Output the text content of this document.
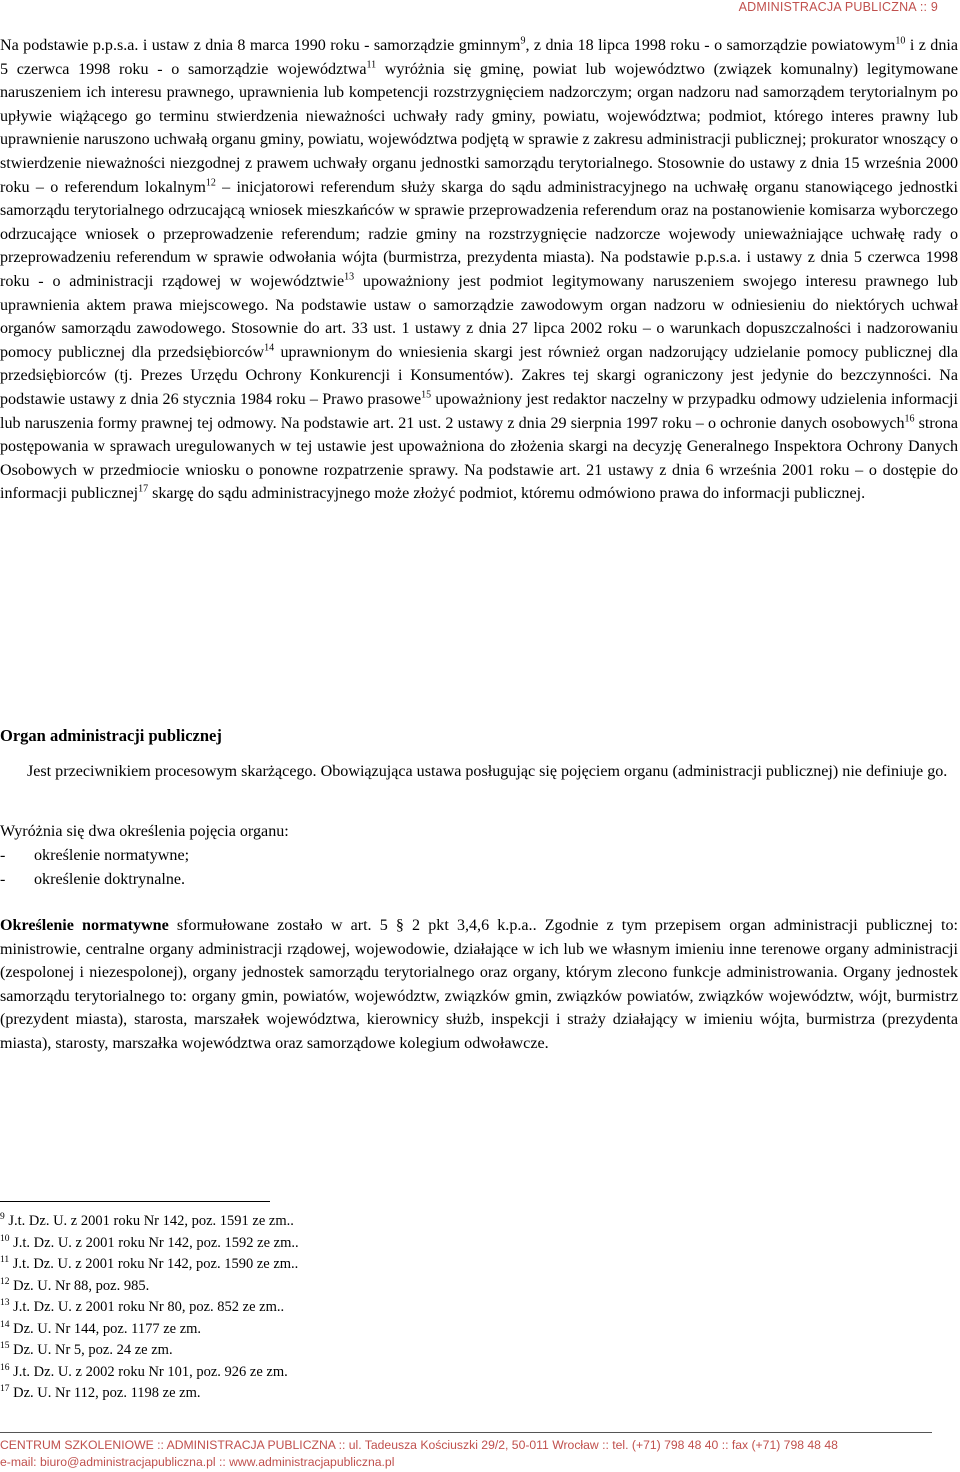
ADMINISTRACJA PUBLICZNA :: 9

Na podstawie p.p.s.a. i ustaw z dnia 8 marca 1990 roku - samorządzie gminnym$^9$, z dnia 18 lipca 1998 roku - o samorządzie powiatowym$^{10}$ i z dnia 5 czerwca 1998 roku - o samorządzie województwa$^{11}$ wyróżnia się gminę, powiat lub województwo (związek komunalny) legitymowane naruszeniem ich interesu prawnego, uprawnienia lub kompetencji rozstrzygnięciem nadzorczym; organ nadzoru nad samorządem terytorialnym po upływie wiążącego go terminu stwierdzenia nieważności uchwały rady gminy, powiatu, województwa; podmiot, którego interes prawny lub uprawnienie naruszono uchwałą organu gminy, powiatu, województwa podjętą w sprawie z zakresu administracji publicznej; prokurator wnoszący o stwierdzenie nieważności niezgodnej z prawem uchwały organu jednostki samorządu terytorialnego. Stosownie do ustawy z dnia 15 września 2000 roku – o referendum lokalnym$^{12}$ – inicjatorowi referendum służy skarga do sądu administracyjnego na uchwałę organu stanowiącego jednostki samorządu terytorialnego odrzucającą wniosek mieszkańców w sprawie przeprowadzenia referendum oraz na postanowienie komisarza wyborczego odrzucające wniosek o przeprowadzenie referendum; radzie gminy na rozstrzygnięcie nadzorcze wojewody unieważniające uchwałę rady o przeprowadzeniu referendum w sprawie odwołania wójta (burmistrza, prezydenta miasta). Na podstawie p.p.s.a. i ustawy z dnia 5 czerwca 1998 roku - o administracji rządowej w województwie$^{13}$ upoważniony jest podmiot legitymowany naruszeniem swojego interesu prawnego lub uprawnienia aktem prawa miejscowego. Na podstawie ustaw o samorządzie zawodowym organ nadzoru w odniesieniu do niektórych uchwał organów samorządu zawodowego. Stosownie do art. 33 ust. 1 ustawy z dnia 27 lipca 2002 roku – o warunkach dopuszczalności i nadzorowaniu pomocy publicznej dla przedsiębiorców$^{14}$ uprawnionym do wniesienia skargi jest również organ nadzorujący udzielanie pomocy publicznej dla przedsiębiorców (tj. Prezes Urzędu Ochrony Konkurencji i Konsumentów). Zakres tej skargi ograniczony jest jedynie do bezczynności. Na podstawie ustawy z dnia 26 stycznia 1984 roku – Prawo prasowe$^{15}$ upoważniony jest redaktor naczelny w przypadku odmowy udzielenia informacji lub naruszenia formy prawnej tej odmowy. Na podstawie art. 21 ust. 2 ustawy z dnia 29 sierpnia 1997 roku – o ochronie danych osobowych$^{16}$ strona postępowania w sprawach uregulowanych w tej ustawie jest upoważniona do złożenia skargi na decyzję Generalnego Inspektora Ochrony Danych Osobowych w przedmiocie wniosku o ponowne rozpatrzenie sprawy. Na podstawie art. 21 ustawy z dnia 6 września 2001 roku – o dostępie do informacji publicznej$^{17}$ skargę do sądu administracyjnego może złożyć podmiot, któremu odmówiono prawa do informacji publicznej.

Organ administracji publicznej

Jest przeciwnikiem procesowym skarżącego. Obowiązująca ustawa posługując się pojęciem organu (administracji publicznej) nie definiuje go.

Wyróżnia się dwa określenia pojęcia organu:

-	określenie normatywne;
-	określenie doktrynalne.

Określenie normatywne sformułowane zostało w art. 5 § 2 pkt 3,4,6 k.p.a.. Zgodnie z tym przepisem organ administracji publicznej to: ministrowie, centralne organy administracji rządowej, wojewodowie, działające w ich lub we własnym imieniu inne terenowe organy administracji (zespolonej i niezespolonej), organy jednostek samorządu terytorialnego oraz organy, którym zlecono funkcje administrowania. Organy jednostek samorządu terytorialnego to: organy gmin, powiatów, województw, związków gmin, związków powiatów, związków województw, wójt, burmistrz (prezydent miasta), starosta, marszałek województwa, kierownicy służb, inspekcji i straży działający w imieniu wójta, burmistrza (prezydenta miasta), starosty, marszałka województwa oraz samorządowe kolegium odwoławcze.

$^9$ J.t. Dz. U. z 2001 roku Nr 142, poz. 1591 ze zm..
$^{10}$ J.t. Dz. U. z 2001 roku Nr 142, poz. 1592 ze zm..
$^{11}$ J.t. Dz. U. z 2001 roku Nr 142, poz. 1590 ze zm..
$^{12}$ Dz. U. Nr 88, poz. 985.
$^{13}$ J.t. Dz. U. z 2001 roku Nr 80, poz. 852 ze zm..
$^{14}$ Dz. U. Nr 144, poz. 1177 ze zm.
$^{15}$ Dz. U. Nr 5, poz. 24 ze zm.
$^{16}$ J.t. Dz. U. z 2002 roku Nr 101, poz. 926 ze zm.
$^{17}$ Dz. U. Nr 112, poz. 1198 ze zm.
CENTRUM SZKOLENIOWE :: ADMINISTRACJA PUBLICZNA :: ul. Tadeusza Kościuszki 29/2, 50-011 Wrocław :: tel. (+71) 798 48 40 :: fax (+71) 798 48 48
e-mail: biuro@administracjapubliczna.pl :: www.administracjapubliczna.pl
